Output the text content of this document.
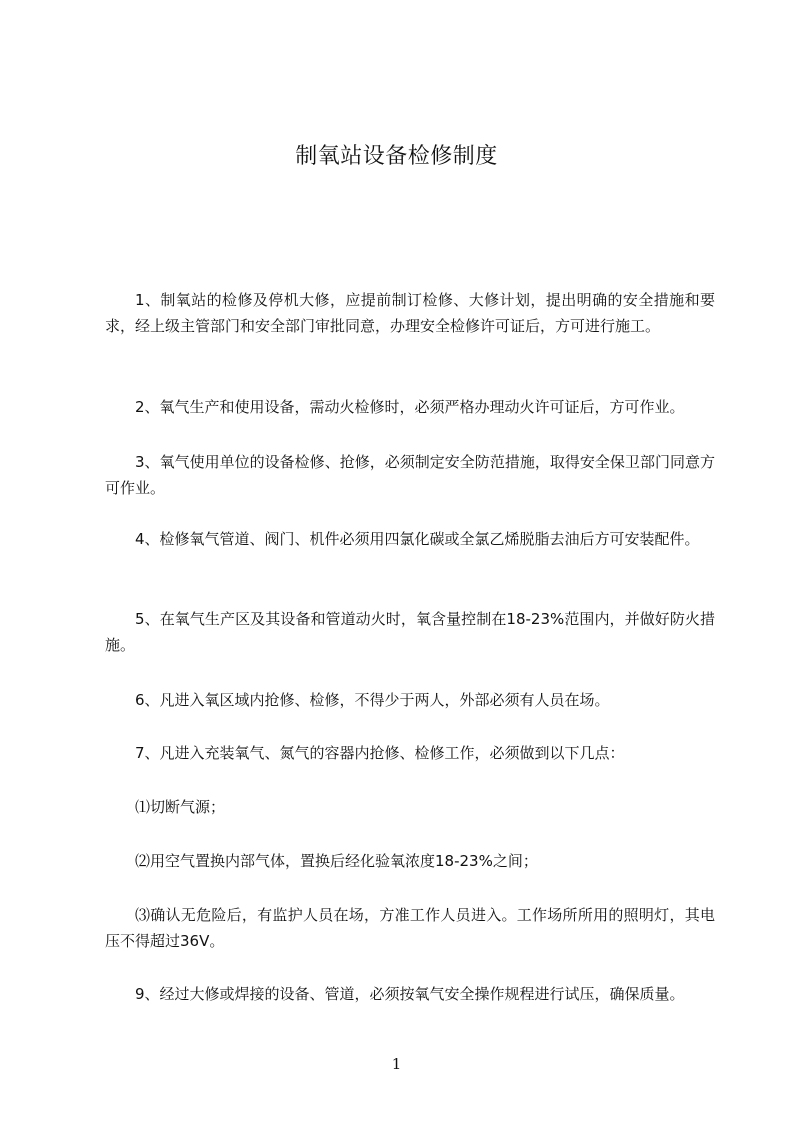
制氧站设备检修制度
1、制氧站的检修及停机大修，应提前制订检修、大修计划，提出明确的安全措施和要求，经上级主管部门和安全部门审批同意，办理安全检修许可证后，方可进行施工。
2、氧气生产和使用设备，需动火检修时，必须严格办理动火许可证后，方可作业。
3、氧气使用单位的设备检修、抢修，必须制定安全防范措施，取得安全保卫部门同意方可作业。
4、检修氧气管道、阀门、机件必须用四氯化碳或全氯乙烯脱脂去油后方可安装配件。
5、在氧气生产区及其设备和管道动火时，氧含量控制在18-23%范围内，并做好防火措施。
6、凡进入氧区域内抢修、检修，不得少于两人，外部必须有人员在场。
7、凡进入充装氧气、氮气的容器内抢修、检修工作，必须做到以下几点：
⑴切断气源；
⑵用空气置换内部气体，置换后经化验氧浓度18-23%之间；
⑶确认无危险后，有监护人员在场，方准工作人员进入。工作场所所用的照明灯，其电压不得超过36V。
9、经过大修或焊接的设备、管道，必须按氧气安全操作规程进行试压，确保质量。
1
